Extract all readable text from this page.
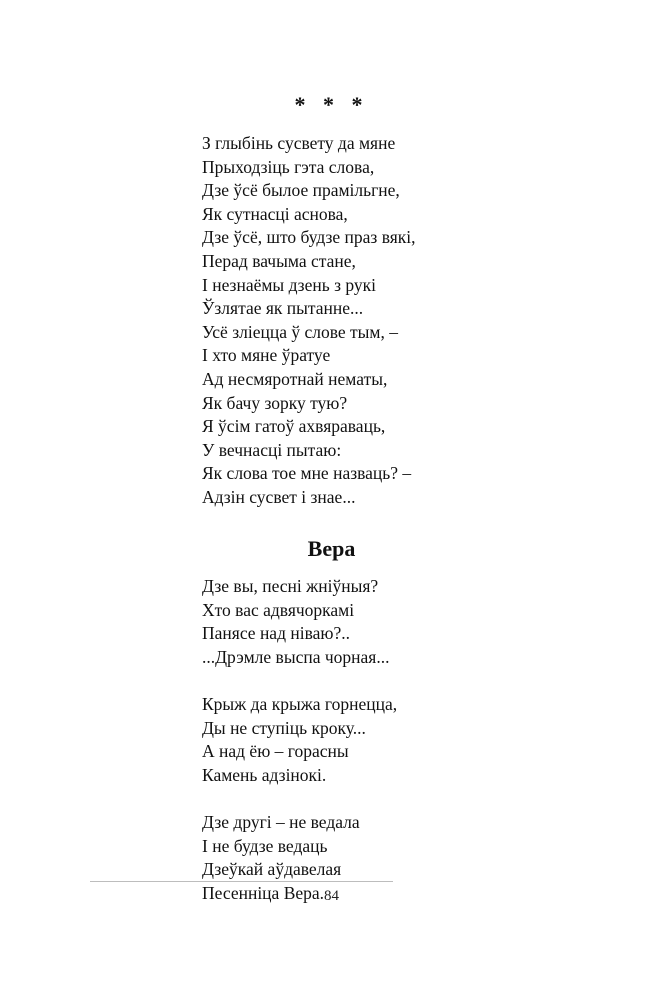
* * *
З глыбінь сусвету да мяне
Прыходзіць гэта слова,
Дзе ўсё былое прамільгне,
Як сутнасці аснова,
Дзе ўсё, што будзе праз вякі,
Перад вачыма стане,
І незнаёмы дзень з рукі
Ўзлятае як пытанне...
Усё злiецца ў слове тым, –
І хто мяне ўратуе
Ад несмяротнай нематы,
Як бачу зорку тую?
Я ўсім гатоў ахвяраваць,
У вечнасці пытаю:
Як слова тое мне назваць? –
Адзін сусвет і знае...
Вера
Дзе вы, песні жніўныя?
Хто вас адвячоркамі
Панясе над нiваю?..
...Дрэмле выспа чорная...
Крыж да крыжа горнецца,
Ды не ступіць кроку...
А над ёю – горасны
Камень адзінокі.
Дзе другі – не ведала
І не будзе ведаць
Дзеўкай аўдавелая
Песенніца Вера. 84
